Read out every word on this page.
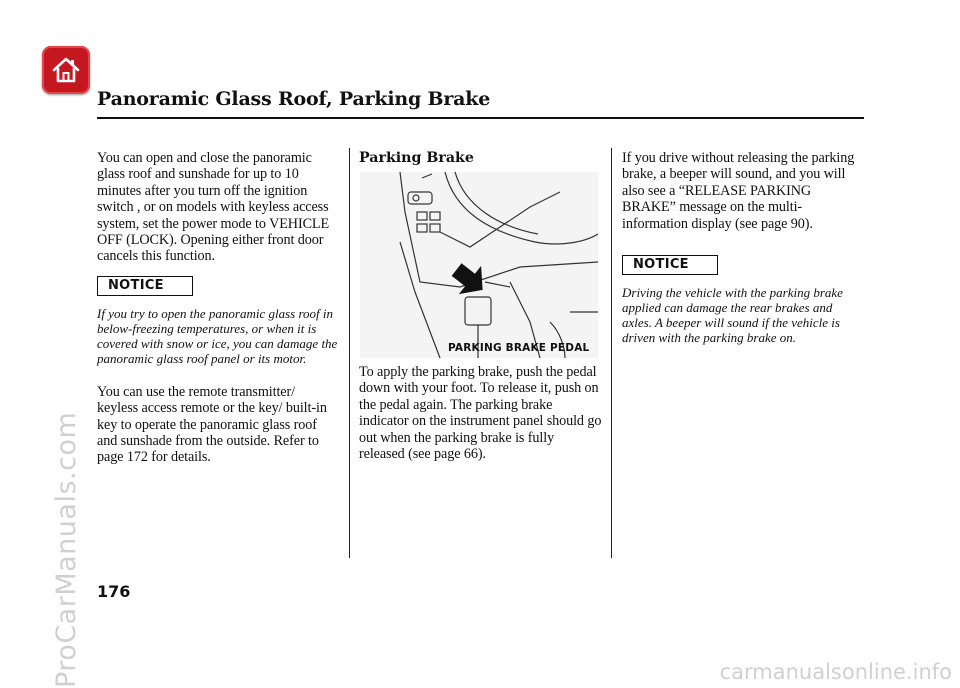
Panoramic Glass Roof, Parking Brake

You can open and close the panoramic glass roof and sunshade for up to 10 minutes after you turn off the ignition switch , or on models with keyless access system, set the power mode to VEHICLE OFF (LOCK). Opening either front door cancels this function.

NOTICE

If you try to open the panoramic glass roof in below-freezing temperatures, or when it is covered with snow or ice, you can damage the panoramic glass roof panel or its motor.

You can use the remote transmitter/ keyless access remote or the key/ built-in key to operate the panoramic glass roof and sunshade from the outside. Refer to page 172 for details.

Parking Brake

To apply the parking brake, push the pedal down with your foot. To release it, push on the pedal again. The parking brake indicator on the instrument panel should go out when the parking brake is fully released (see page 66).

PARKING BRAKE PEDAL

If you drive without releasing the parking brake, a beeper will sound, and you will also see a “RELEASE PARKING BRAKE” message on the multi-information display (see page 90).

NOTICE

Driving the vehicle with the parking brake applied can damage the rear brakes and axles. A beeper will sound if the vehicle is driven with the parking brake on.

176

ProCarManuals.com	carmanualsonline.info
